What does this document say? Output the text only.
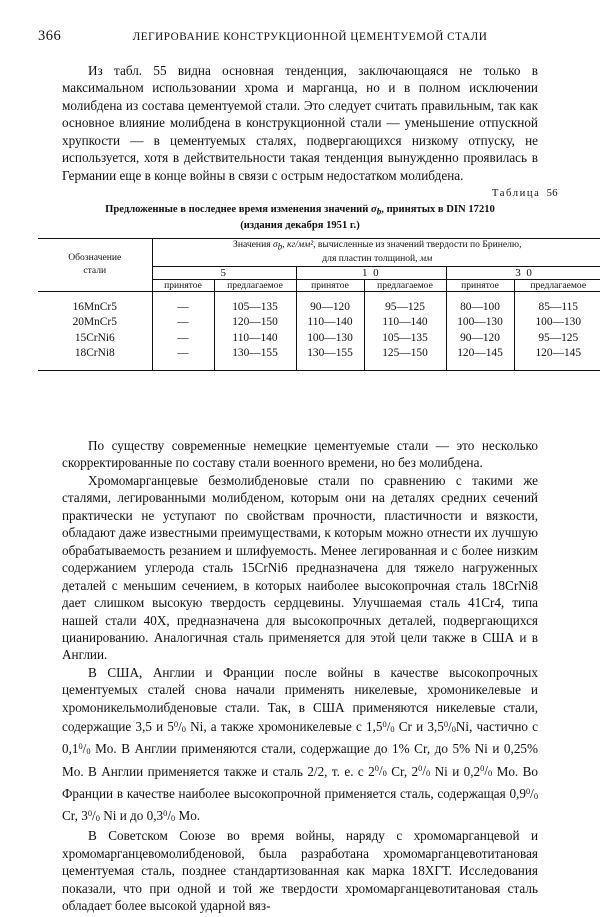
366	ЛЕГИРОВАНИЕ КОНСТРУКЦИОННОЙ ЦЕМЕНТУЕМОЙ СТАЛИ

Из табл. 55 видна основная тенденция, заключающаяся не только в максимальном использовании хрома и марганца, но и в полном исключении молибдена из состава цементуемой стали. Это следует считать правильным, так как основное влияние молибдена в конструкционной стали — уменьшение отпускной хрупкости — в цементуемых сталях, подвергающихся низкому отпуску, не используется, хотя в действительности такая тенденция вынужденно проявилась в Германии еще в конце войны в связи с острым недостатком молибдена.

Таблица 56
Предложенные в последнее время изменения значений $\sigma_b$, принятых в DIN 17210
(издания декабря 1951 г.)
Обозначение
стали	Значения $\sigma_b$, кг/мм², вычисленные из значений твердости по Бринелю,
для пластин толщиной, мм					
	5		1 0		3 0	
	принятое	предлагаемое	принятое	предлагаемое	принятое	предлагаемое
16MnCr5	—	105—135	90—120	95—125	80—100	85—115
20MnCr5	—	120—150	110—140	110—140	100—130	100—130
15CrNi6	—	110—140	100—130	105—135	90—120	95—125
18CrNi8	—	130—155	130—155	125—150	120—145	120—145

По существу современные немецкие цементуемые стали — это несколько скорректированные по составу стали военного времени, но без молибдена.

Хромомарганцевые безмолибденовые стали по сравнению с такими же сталями, легированными молибденом, которым они на деталях средних сечений практически не уступают по свойствам прочности, пластичности и вязкости, обладают даже известными преимуществами, к которым можно отнести их лучшую обрабатываемость резанием и шлифуемость. Менее легированная и с более низким содержанием углерода сталь 15CrNi6 предназначена для тяжело нагруженных деталей с меньшим сечением, в которых наиболее высокопрочная сталь 18CrNi8 дает слишком высокую твердость сердцевины. Улучшаемая сталь 41Cr4, типа нашей стали 40X, предназначена для высокопрочных деталей, подвергающихся цианированию. Аналогичная сталь применяется для этой цели также в США и в Англии.

В США, Англии и Франции после войны в качестве высокопрочных цементуемых сталей снова начали применять никелевые, хромоникелевые и хромоникельмолибденовые стали. Так, в США применяются никелевые стали, содержащие 3,5 и $5^0/_0$ Ni, а также хромоникелевые с $1,5^0/_0$ Cr и $3,5^0/_0Ni$, частично с $0,1^0/_0$ Mo. В Англии применяются стали, содержащие до 1% Cr, до 5% Ni и 0,25% Mo. В Англии применяется также и сталь 2/2, т. е. с $2^0/_0$ Cr, $2^0/_0$ Ni и $0,2^0/_0$ Mo. Во Франции в качестве наиболее высокопрочной применяется сталь, содержащая $0,9^0/_0$ Cr, $3^0/_0$ Ni и до $0,3^0/_0$ Mo.

В Советском Союзе во время войны, наряду с хромомарганцевой и хромомарганцевомолибденовой, была разработана хромомарганцевотитановая цементуемая сталь, позднее стандартизованная как марка 18ХГТ. Исследования показали, что при одной и той же твердости хромомарганцевотитановая сталь обладает более высокой ударной вяз-
